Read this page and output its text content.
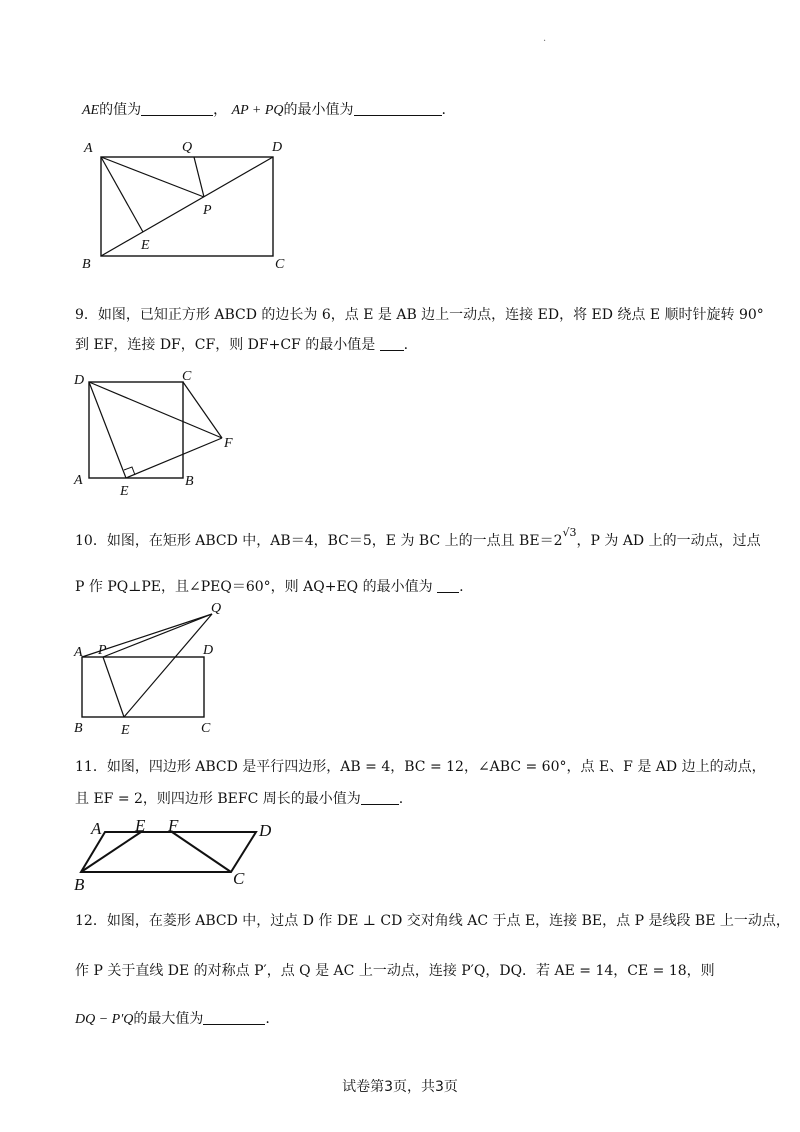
·
AE的值为	， AP + PQ的最小值为	.
A	Q	D
P
E
B	C
9．如图，已知正方形 ABCD 的边长为 6，点 E 是 AB 边上一动点，连接 ED，将 ED 绕点 E 顺时针旋转 90°
到 EF，连接 DF，CF，则 DF+CF 的最小值是 .
D	C
F
A
E
B
10．如图，在矩形 ABCD 中，AB＝4，BC＝5，E 为 BC 上的一点且 $BE=2^{√3}$，P 为 AD 上的一动点，过点
P 作 PQ⊥PE，且∠PEQ＝60°，则 AQ+EQ 的最小值为 .
Q
A P	D
B	E	C
11．如图，四边形 ABCD 是平行四边形，AB = 4，BC = 12，∠ABC = 60°，点 E、F 是 AD 边上的动点，
且 EF = 2，则四边形 BEFC 周长的最小值为	.
A E F	D
B	C
12．如图，在菱形 ABCD 中，过点 D 作 DE ⊥ CD 交对角线 AC 于点 E，连接 BE，点 P 是线段 BE 上一动点，
作 P 关于直线 DE 的对称点 P′，点 Q 是 AC 上一动点，连接 P′Q，DQ．若 AE = 14，CE = 18，则
DQ − P′Q的最大值为	.
试卷第3页，共3页
